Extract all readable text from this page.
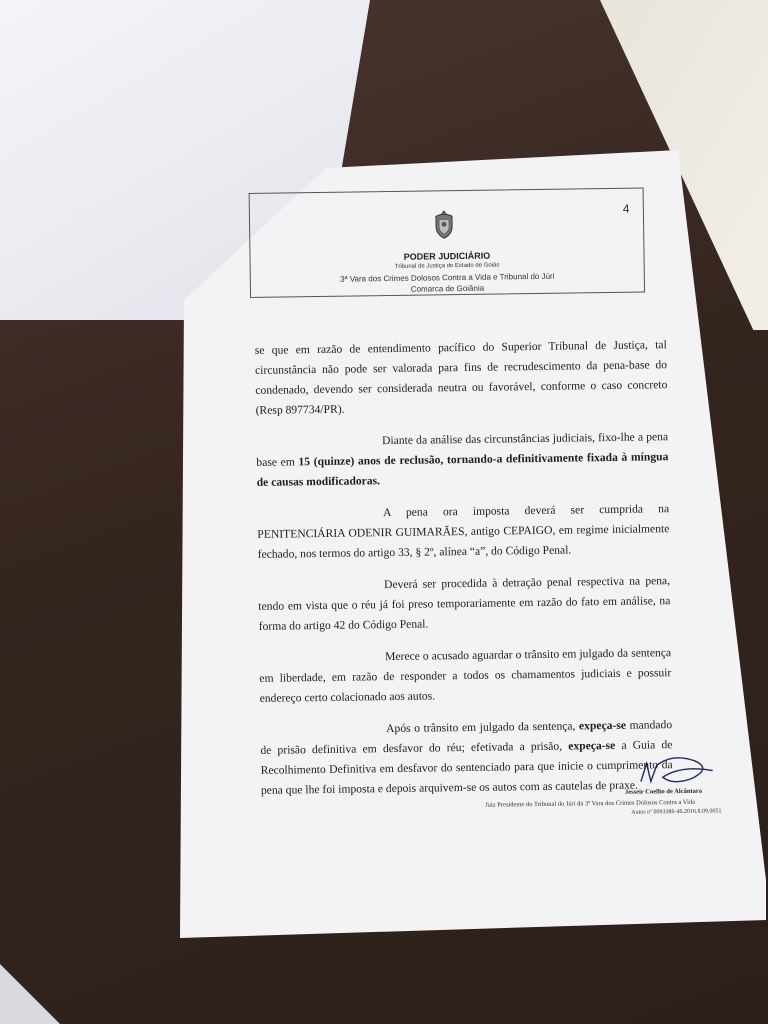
4
PODER JUDICIÁRIO
Tribunal de Justiça do Estado de Goiás
3ª Vara dos Crimes Dolosos Contra a Vida e Tribunal do Júri
Comarca de Goiânia

se que em razão de entendimento pacífico do Superior Tribunal de Justiça, tal circunstância não pode ser valorada para fins de recrudescimento da pena-base do condenado, devendo ser considerada neutra ou favorável, conforme o caso concreto (Resp 897734/PR).

Diante da análise das circunstâncias judiciais, fixo-lhe a pena base em 15 (quinze) anos de reclusão, tornando-a definitivamente fixada à míngua de causas modificadoras.

A pena ora imposta deverá ser cumprida na PENITENCIÁRIA ODENIR GUIMARÃES, antigo CEPAIGO, em regime inicialmente fechado, nos termos do artigo 33, § 2º, alínea “a”, do Código Penal.

Deverá ser procedida à detração penal respectiva na pena, tendo em vista que o réu já foi preso temporariamente em razão do fato em análise, na forma do artigo 42 do Código Penal.

Merece o acusado aguardar o trânsito em julgado da sentença em liberdade, em razão de responder a todos os chamamentos judiciais e possuir endereço certo colacionado aos autos.

Após o trânsito em julgado da sentença, expeça-se mandado de prisão definitiva em desfavor do réu; efetivada a prisão, expeça-se a Guia de Recolhimento Definitiva em desfavor do sentenciado para que inicie o cumprimento da pena que lhe foi imposta e depois arquivem-se os autos com as cautelas de praxe.

Jesseir Coelho de Alcântara
Juiz Presidente do Tribunal do Júri da 3ª Vara dos Crimes Dolosos Contra a Vida
Autos nº 0093386-46.2016.8.09.0051
